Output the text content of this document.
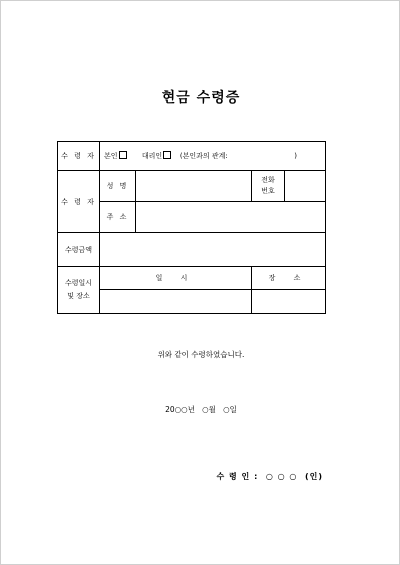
현금 수령증
수 령 자	본인 대리인 (본인과의 관계: )			
수 령 자	성 명		전화
번호	
	주 소			
수령금액				
수령일시
및 장소	일 시		장 소	

위와 같이 수령하였습니다.
20○○년 ○월 ○일
수 령 인 : ○ ○ ○ (인)
